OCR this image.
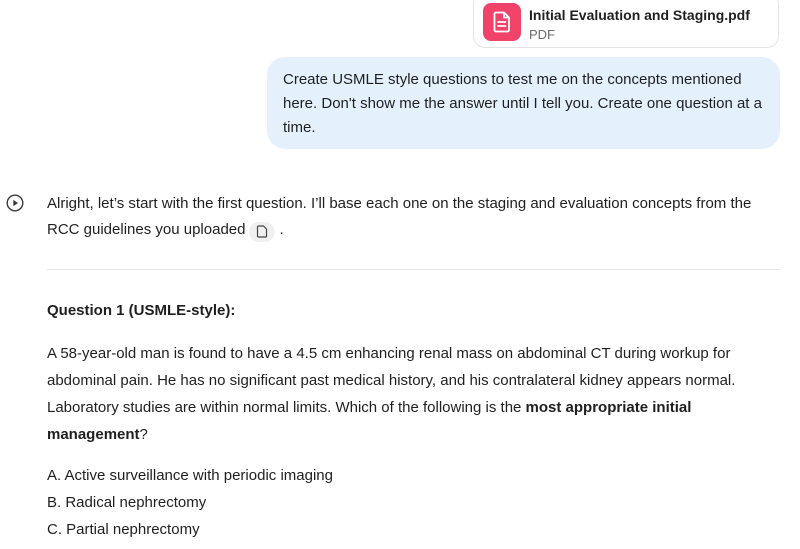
Initial Evaluation and Staging.pdf
PDF
Create USMLE style questions to test me on the concepts mentioned here. Don't show me the answer until I tell you. Create one question at a time.
Alright, let’s start with the first question. I’ll base each one on the staging and evaluation concepts from the RCC guidelines you uploaded .
Question 1 (USMLE-style):
A 58-year-old man is found to have a 4.5 cm enhancing renal mass on abdominal CT during workup for abdominal pain. He has no significant past medical history, and his contralateral kidney appears normal. Laboratory studies are within normal limits. Which of the following is the most appropriate initial management?
A. Active surveillance with periodic imaging
B. Radical nephrectomy
C. Partial nephrectomy
